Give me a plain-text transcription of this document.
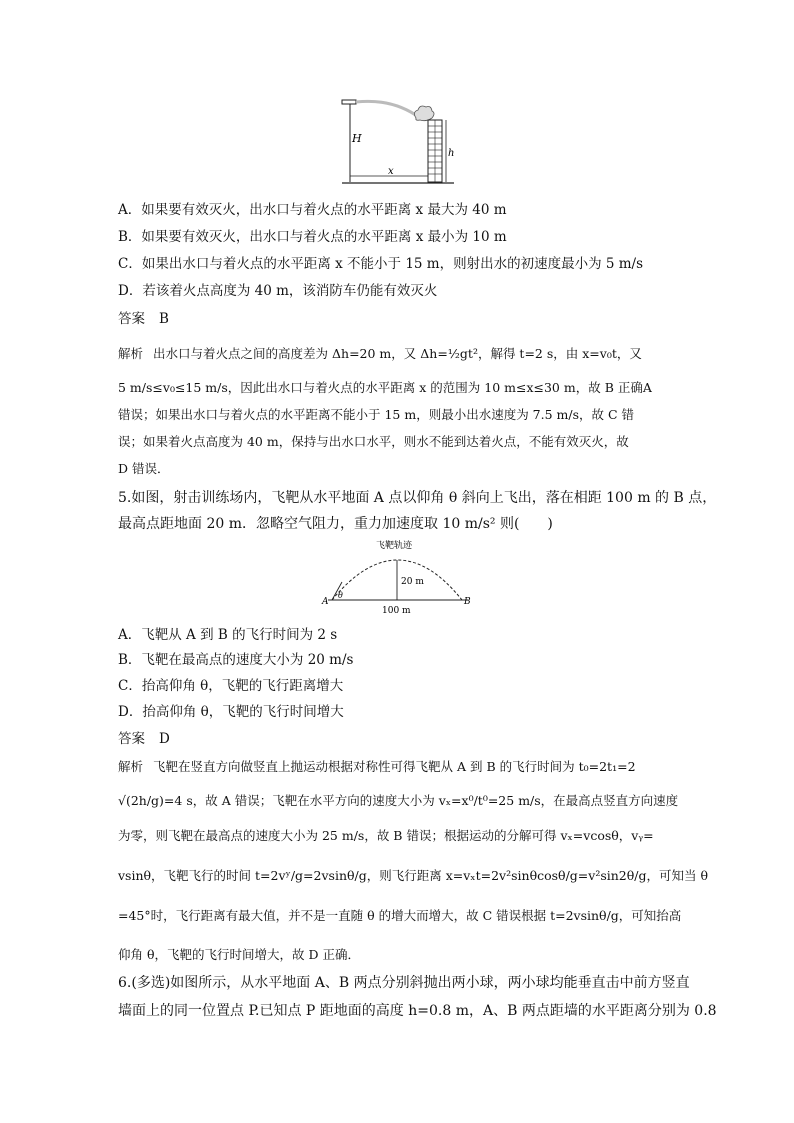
H
h
x
A．如果要有效灭火，出水口与着火点的水平距离 x 最大为 40 m
B．如果要有效灭火，出水口与着火点的水平距离 x 最小为 10 m
C．如果出水口与着火点的水平距离 x 不能小于 15 m，则射出水的初速度最小为 5 m/s
D．若该着火点高度为 40 m，该消防车仍能有效灭火
答案 B
解析 出水口与着火点之间的高度差为 Δh=20 m，又 Δh=½gt²，解得 t=2 s，由 x=v₀t，又
5 m/s≤v₀≤15 m/s，因此出水口与着火点的水平距离 x 的范围为 10 m≤x≤30 m，故 B 正确A
错误；如果出水口与着火点的水平距离不能小于 15 m，则最小出水速度为 7.5 m/s，故 C 错
误；如果着火点高度为 40 m，保持与出水口水平，则水不能到达着火点，不能有效灭火，故
D 错误．
5.如图，射击训练场内，飞靶从水平地面 A 点以仰角 θ 斜向上飞出，落在相距 100 m 的 B 点，
最高点距地面 20 m．忽略空气阻力，重力加速度取 10 m/s² 则(　　)
飞靶轨迹
20 m
θ
A	B
100 m
A．飞靶从 A 到 B 的飞行时间为 2 s
B．飞靶在最高点的速度大小为 20 m/s
C．抬高仰角 θ，飞靶的飞行距离增大
D．抬高仰角 θ，飞靶的飞行时间增大
答案 D
解析 飞靶在竖直方向做竖直上抛运动根据对称性可得飞靶从 A 到 B 的飞行时间为 t₀=2t₁=2
√(2h/g)=4 s，故 A 错误；飞靶在水平方向的速度大小为 vₓ=x⁰/t⁰=25 m/s，在最高点竖直方向速度
为零，则飞靶在最高点的速度大小为 25 m/s，故 B 错误；根据运动的分解可得 vₓ=vcosθ，vᵧ=
vsinθ，飞靶飞行的时间 t=2vʸ/g=2vsinθ/g，则飞行距离 x=vₓt=2v²sinθcosθ/g=v²sin2θ/g，可知当 θ
=45°时，飞行距离有最大值，并不是一直随 θ 的增大而增大，故 C 错误根据 t=2vsinθ/g，可知抬高
仰角 θ，飞靶的飞行时间增大，故 D 正确．
6.(多选)如图所示，从水平地面 A、B 两点分别斜抛出两小球，两小球均能垂直击中前方竖直
墙面上的同一位置点 P.已知点 P 距地面的高度 h=0.8 m，A、B 两点距墙的水平距离分别为 0.8
